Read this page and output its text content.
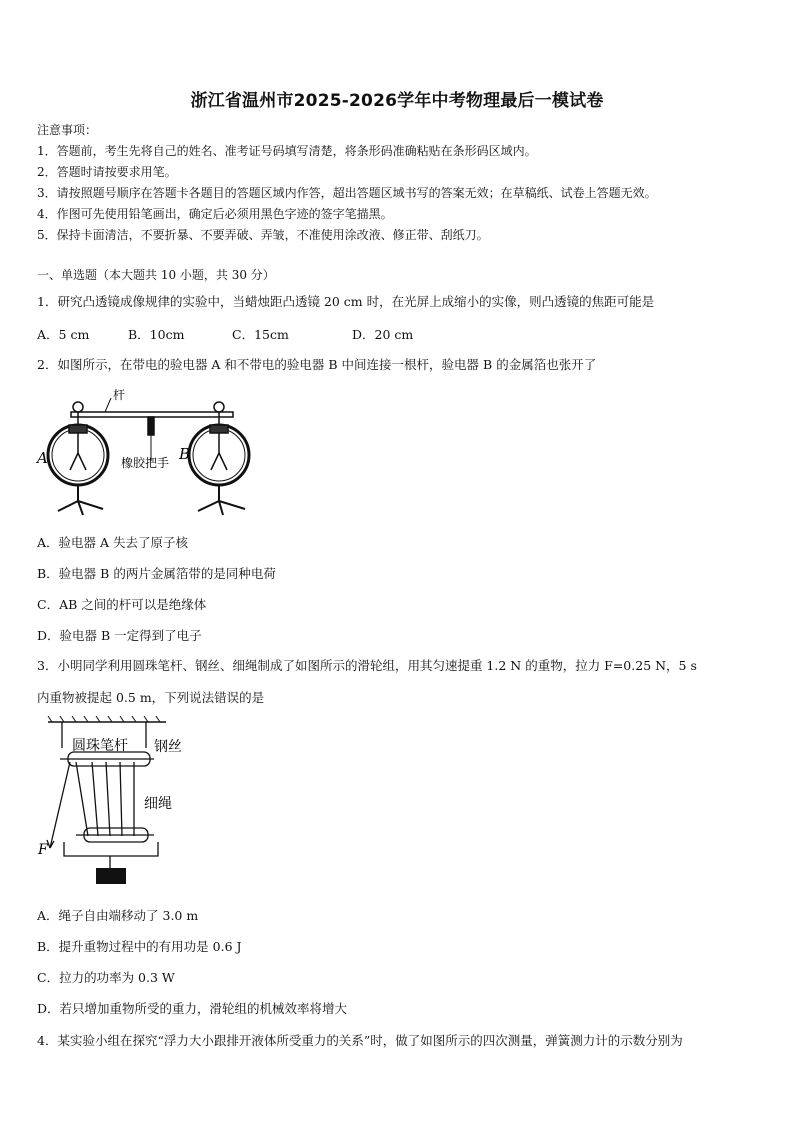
浙江省温州市2025-2026学年中考物理最后一模试卷
注意事项：
1．答题前，考生先将自己的姓名、准考证号码填写清楚，将条形码准确粘贴在条形码区域内。
2．答题时请按要求用笔。
3．请按照题号顺序在答题卡各题目的答题区域内作答，超出答题区域书写的答案无效；在草稿纸、试卷上答题无效。
4．作图可先使用铅笔画出，确定后必须用黑色字迹的签字笔描黑。
5．保持卡面清洁，不要折暴、不要弄破、弄皱，不准使用涂改液、修正带、刮纸刀。
一、单选题（本大题共 10 小题，共 30 分）
1．研究凸透镜成像规律的实验中，当蜡烛距凸透镜 20 cm 时，在光屏上成缩小的实像，则凸透镜的焦距可能是
A．5 cm	B．10cm	C．15cm	D．20 cm
2．如图所示，在带电的验电器 A 和不带电的验电器 B 中间连接一根杆，验电器 B 的金属箔也张开了
杆
橡胶把手
A	B
A．验电器 A 失去了原子核
B．验电器 B 的两片金属箔带的是同种电荷
C．AB 之间的杆可以是绝缘体
D．验电器 B 一定得到了电子
3．小明同学利用圆珠笔杆、钢丝、细绳制成了如图所示的滑轮组，用其匀速提重 1.2 N 的重物，拉力 F=0.25 N，5 s
内重物被提起 0.5 m，下列说法错误的是
圆珠笔杆 钢丝
细绳
F
A．绳子自由端移动了 3.0 m
B．提升重物过程中的有用功是 0.6 J
C．拉力的功率为 0.3 W
D．若只增加重物所受的重力，滑轮组的机械效率将增大
4．某实验小组在探究“浮力大小跟排开液体所受重力的关系”时，做了如图所示的四次测量，弹簧测力计的示数分别为
